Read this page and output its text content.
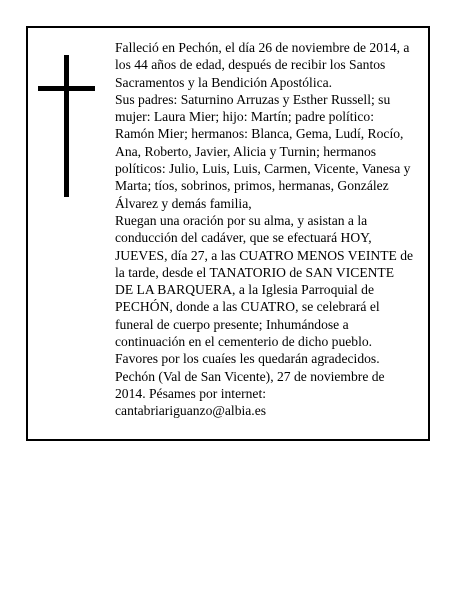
Falleció en Pechón, el día 26 de noviembre de 2014, a los 44 años de edad, después de recibir los Santos Sacramentos y la Bendición Apostólica.

Sus padres: Saturnino Arruzas y Esther Russell; su mujer: Laura Mier; hijo: Martín; padre político: Ramón Mier; hermanos: Blanca, Gema, Ludí, Rocío, Ana, Roberto, Javier, Alicia y Turnin; hermanos políticos: Julio, Luis, Luis, Carmen, Vicente, Vanesa y Marta; tíos, sobrinos, primos, hermanas, González Álvarez y demás familia,

Ruegan una oración por su alma, y asistan a la conducción del cadáver, que se efectuará HOY, JUEVES, día 27, a las CUATRO MENOS VEINTE de la tarde, desde el TANATORIO de SAN VICENTE DE LA BARQUERA, a la Iglesia Parroquial de PECHÓN, donde a las CUATRO, se celebrará el funeral de cuerpo presente; Inhumándose a continuación en el cementerio de dicho pueblo. Favores por los cuaíes les quedarán agradecidos.

Pechón (Val de San Vicente), 27 de noviembre de 2014. Pésames por internet: cantabriariguanzo@albia.es
